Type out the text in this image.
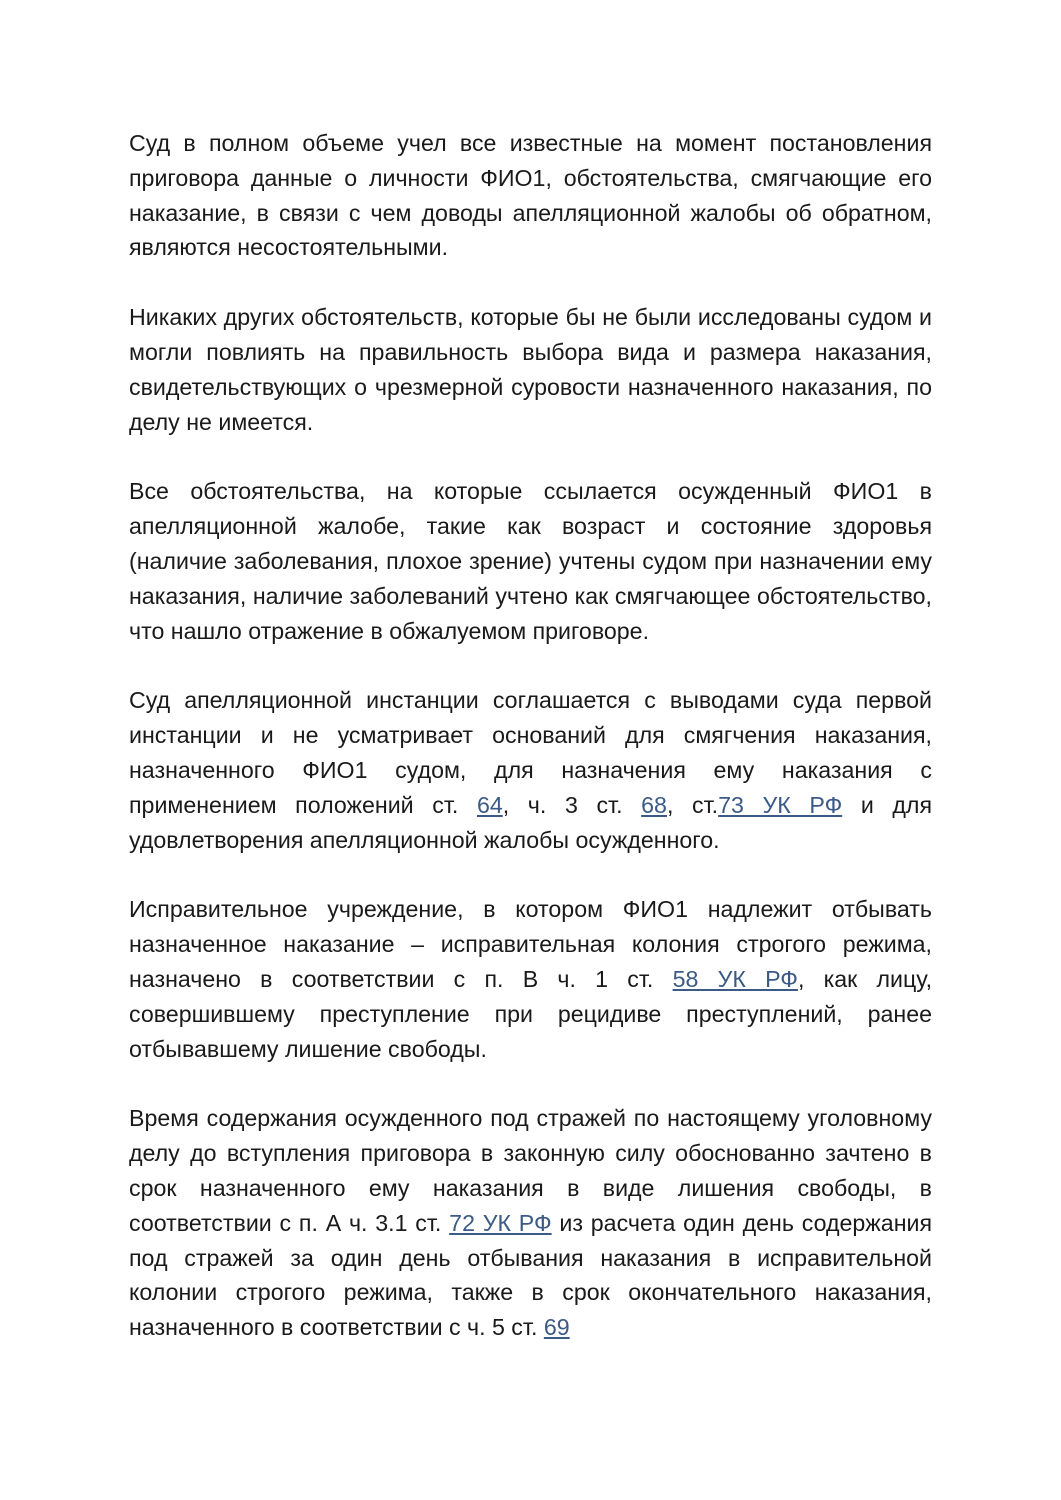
Суд в полном объеме учел все известные на момент постановления приговора данные о личности ФИО1, обстоятельства, смягчающие его наказание, в связи с чем доводы апелляционной жалобы об обратном, являются несостоятельными.

Никаких других обстоятельств, которые бы не были исследованы судом и могли повлиять на правильность выбора вида и размера наказания, свидетельствующих о чрезмерной суровости назначенного наказания, по делу не имеется.

Все обстоятельства, на которые ссылается осужденный ФИО1 в апелляционной жалобе, такие как возраст и состояние здоровья (наличие заболевания, плохое зрение) учтены судом при назначении ему наказания, наличие заболеваний учтено как смягчающее обстоятельство, что нашло отражение в обжалуемом приговоре.

Суд апелляционной инстанции соглашается с выводами суда первой инстанции и не усматривает оснований для смягчения наказания, назначенного ФИО1 судом, для назначения ему наказания с применением положений ст. 64, ч. 3 ст. 68, ст.73 УК РФ и для удовлетворения апелляционной жалобы осужденного.

Исправительное учреждение, в котором ФИО1 надлежит отбывать назначенное наказание – исправительная колония строгого режима, назначено в соответствии с п. В ч. 1 ст. 58 УК РФ, как лицу, совершившему преступление при рецидиве преступлений, ранее отбывавшему лишение свободы.

Время содержания осужденного под стражей по настоящему уголовному делу до вступления приговора в законную силу обоснованно зачтено в срок назначенного ему наказания в виде лишения свободы, в соответствии с п. А ч. 3.1 ст. 72 УК РФ из расчета один день содержания под стражей за один день отбывания наказания в исправительной колонии строгого режима, также в срок окончательного наказания, назначенного в соответствии с ч. 5 ст. 69
